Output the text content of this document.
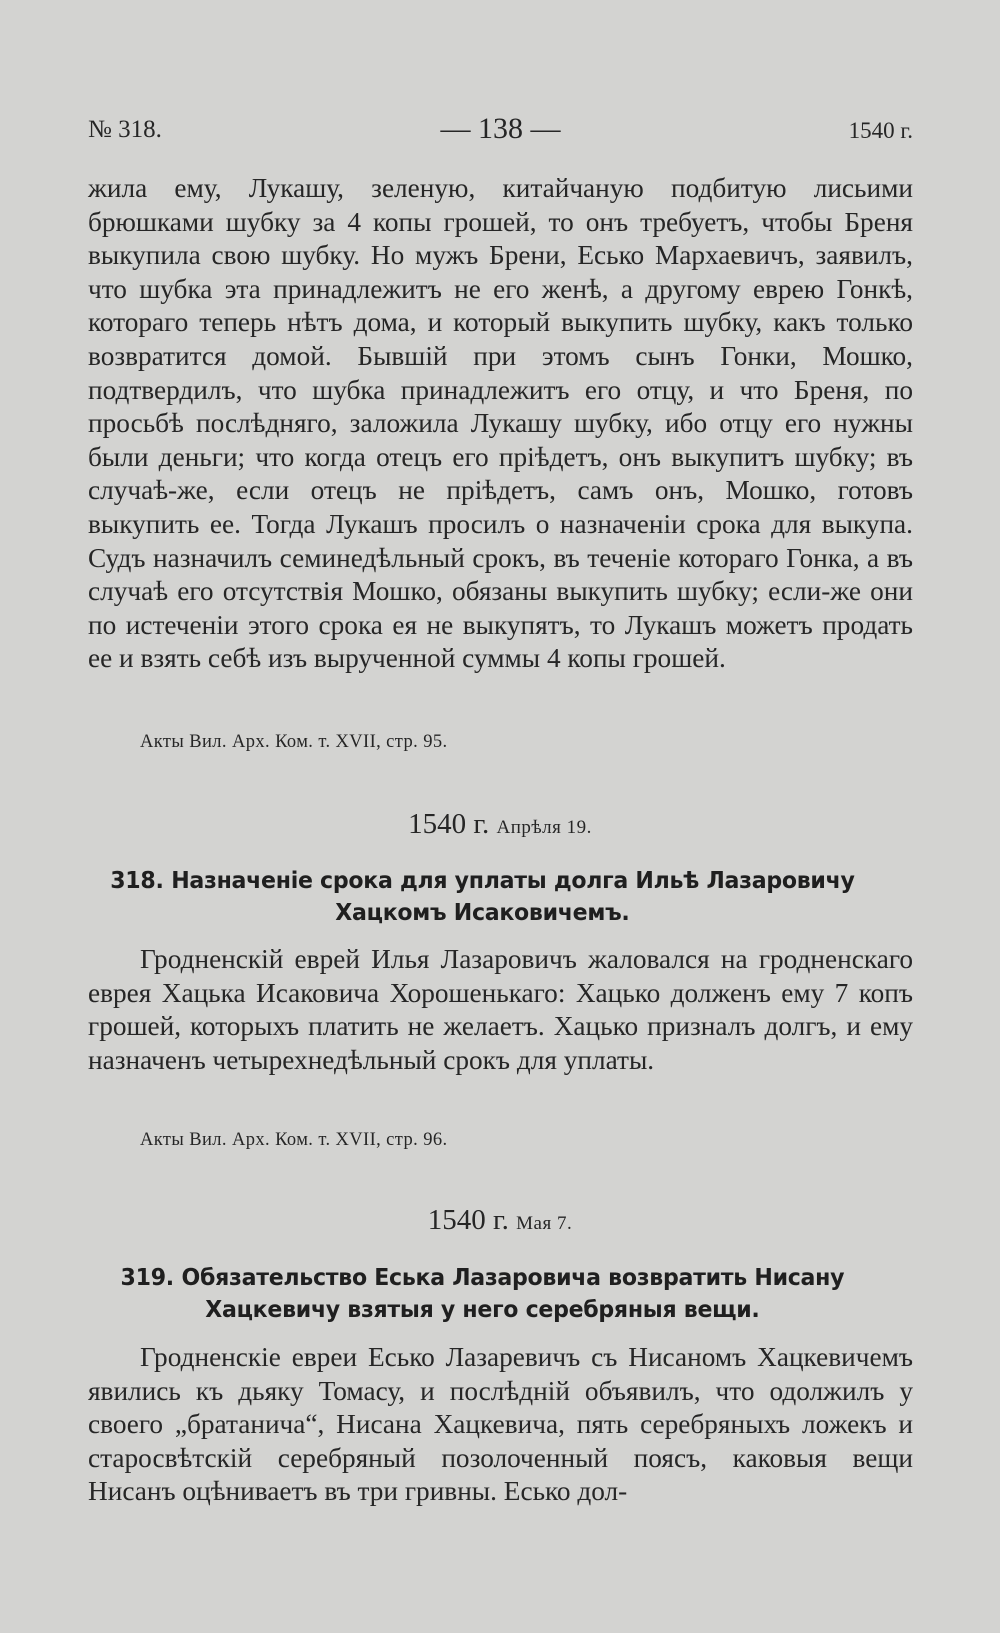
№ 318.	— 138 —	1540 г.

жила ему, Лукашу, зеленую, китайчаную подбитую лисьими брюшками шубку за 4 копы грошей, то онъ требуетъ, чтобы Бреня выкупила свою шубку. Но мужъ Брени, Есько Мархаевичъ, заявилъ, что шубка эта принадлежитъ не его женѣ, а другому еврею Гонкѣ, котораго теперь нѣтъ дома, и который выкупить шубку, какъ только возвратится домой. Бывшій при этомъ сынъ Гонки, Мошко, подтвердилъ, что шубка принадлежитъ его отцу, и что Бреня, по просьбѣ послѣдняго, заложила Лукашу шубку, ибо отцу его нужны были деньги; что когда отецъ его пріѣдетъ, онъ выкупитъ шубку; въ случаѣ-же, если отецъ не пріѣдетъ, самъ онъ, Мошко, готовъ выкупить ее. Тогда Лукашъ просилъ о назначеніи срока для выкупа. Судъ назначилъ семинедѣльный срокъ, въ теченіе котораго Гонка, а въ случаѣ его отсутствія Мошко, обязаны выкупить шубку; если-же они по истеченіи этого срока ея не выкупятъ, то Лукашъ можетъ продать ее и взять себѣ изъ вырученной суммы 4 копы грошей.

Акты Вил. Арх. Ком. т. XVII, стр. 95.
1540 г. Апрѣля 19.
318. Назначеніе срока для уплаты долга Ильѣ Лазаровичу Хацкомъ Исаковичемъ.

Гродненскій еврей Илья Лазаровичъ жаловался на гродненскаго еврея Хацька Исаковича Хорошенькаго: Хацько долженъ ему 7 копъ грошей, которыхъ платить не желаетъ. Хацько призналъ долгъ, и ему назначенъ четырехнедѣльный срокъ для уплаты.

Акты Вил. Арх. Ком. т. XVII, стр. 96.
1540 г. Мая 7.
319. Обязательство Еська Лазаровича возвратить Нисану Хацкевичу взятыя у него серебряныя вещи.

Гродненскіе евреи Есько Лазаревичъ съ Нисаномъ Хацкевичемъ явились къ дьяку Томасу, и послѣдній объявилъ, что одолжилъ у своего „братанича“, Нисана Хацкевича, пять серебряныхъ ложекъ и старосвѣтскій серебряный позолоченный поясъ, каковыя вещи Нисанъ оцѣниваетъ въ три гривны. Есько дол-
